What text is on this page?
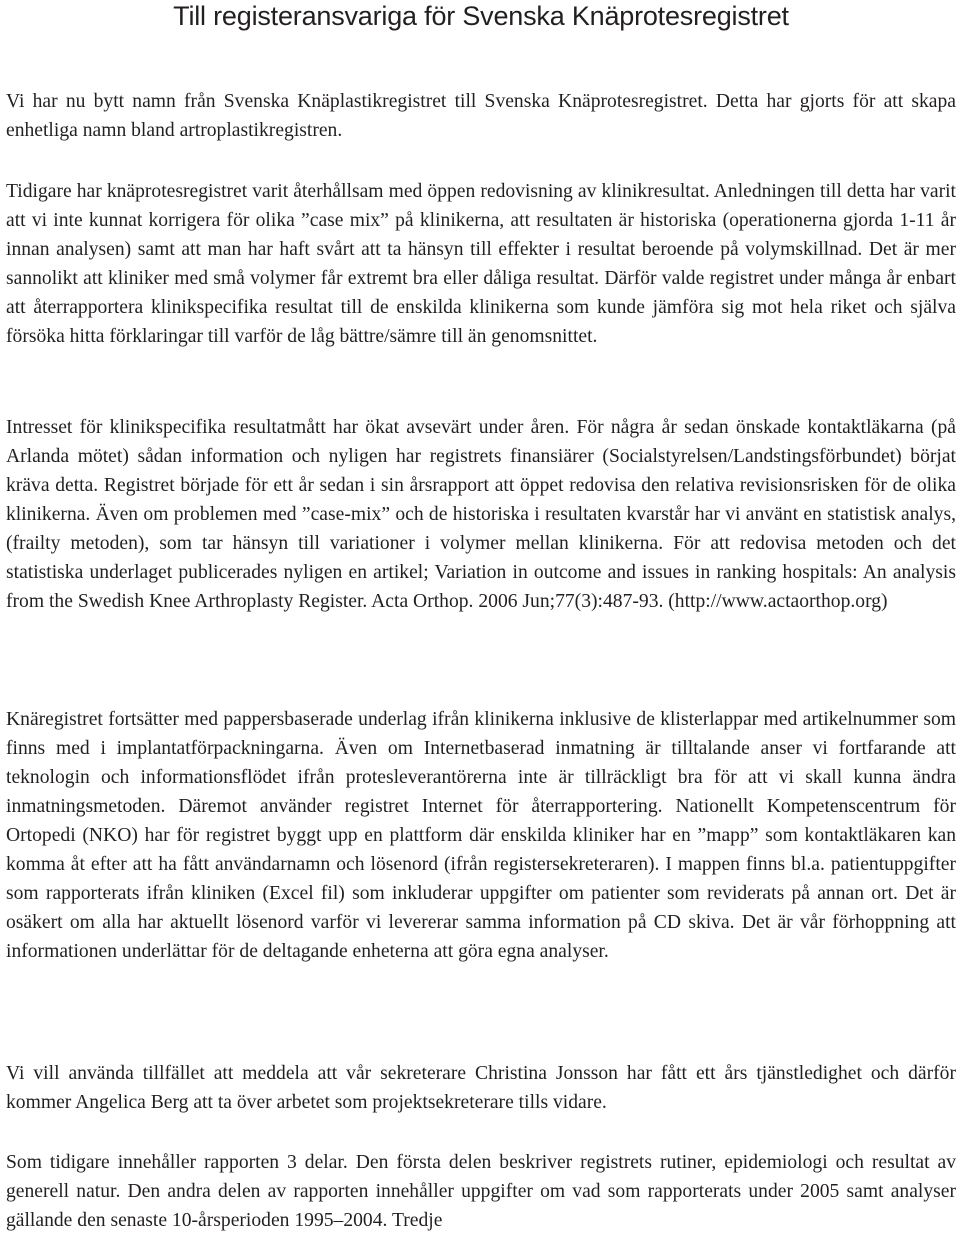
Till registeransvariga för Svenska Knäprotesregistret

Vi har nu bytt namn från Svenska Knäplastikregistret till Svenska Knäprotesregistret. Detta har gjorts för att skapa enhetliga namn bland artroplastikregistren.

Tidigare har knäprotesregistret varit återhållsam med öppen redovisning av klinikresultat. Anledningen till detta har varit att vi inte kunnat korrigera för olika ”case mix” på klinikerna, att resultaten är historiska (operationerna gjorda 1-11 år innan analysen) samt att man har haft svårt att ta hänsyn till effekter i resultat beroende på volymskillnad. Det är mer sannolikt att kliniker med små volymer får extremt bra eller dåliga resultat. Därför valde registret under många år enbart att återrapportera klinikspecifika resultat till de enskilda klinikerna som kunde jämföra sig mot hela riket och själva försöka hitta förklaringar till varför de låg bättre/sämre till än genomsnittet.

Intresset för klinikspecifika resultatmått har ökat avsevärt under åren. För några år sedan önskade kontaktläkarna (på Arlanda mötet) sådan information och nyligen har registrets finansiärer (Socialstyrelsen/Landstingsförbundet) börjat kräva detta. Registret började för ett år sedan i sin årsrapport att öppet redovisa den relativa revisionsrisken för de olika klinikerna. Även om problemen med ”case-mix” och de historiska i resultaten kvarstår har vi använt en statistisk analys, (frailty metoden), som tar hänsyn till variationer i volymer mellan klinikerna. För att redovisa metoden och det statistiska underlaget publicerades nyligen en artikel; Variation in outcome and issues in ranking hospitals: An analysis from the Swedish Knee Arthroplasty Register. Acta Orthop. 2006 Jun;77(3):487-93. (http://www.actaorthop.org)

Knäregistret fortsätter med pappersbaserade underlag ifrån klinikerna inklusive de klisterlappar med artikelnummer som finns med i implantatförpackningarna. Även om Internetbaserad inmatning är tilltalande anser vi fortfarande att teknologin och informationsflödet ifrån protesleverantörerna inte är tillräckligt bra för att vi skall kunna ändra inmatningsmetoden. Däremot använder registret Internet för återrapportering. Nationellt Kompetenscentrum för Ortopedi (NKO) har för registret byggt upp en plattform där enskilda kliniker har en ”mapp” som kontaktläkaren kan komma åt efter att ha fått användarnamn och lösenord (ifrån registersekreteraren). I mappen finns bl.a. patientuppgifter som rapporterats ifrån kliniken (Excel fil) som inkluderar uppgifter om patienter som reviderats på annan ort. Det är osäkert om alla har aktuellt lösenord varför vi levererar samma information på CD skiva. Det är vår förhoppning att informationen underlättar för de deltagande enheterna att göra egna analyser.

Vi vill använda tillfället att meddela att vår sekreterare Christina Jonsson har fått ett års tjänstledighet och därför kommer Angelica Berg att ta över arbetet som projektsekreterare tills vidare.

Som tidigare innehåller rapporten 3 delar. Den första delen beskriver registrets rutiner, epidemiologi och resultat av generell natur. Den andra delen av rapporten innehåller uppgifter om vad som rapporterats under 2005 samt analyser gällande den senaste 10-årsperioden 1995–2004. Tredje
